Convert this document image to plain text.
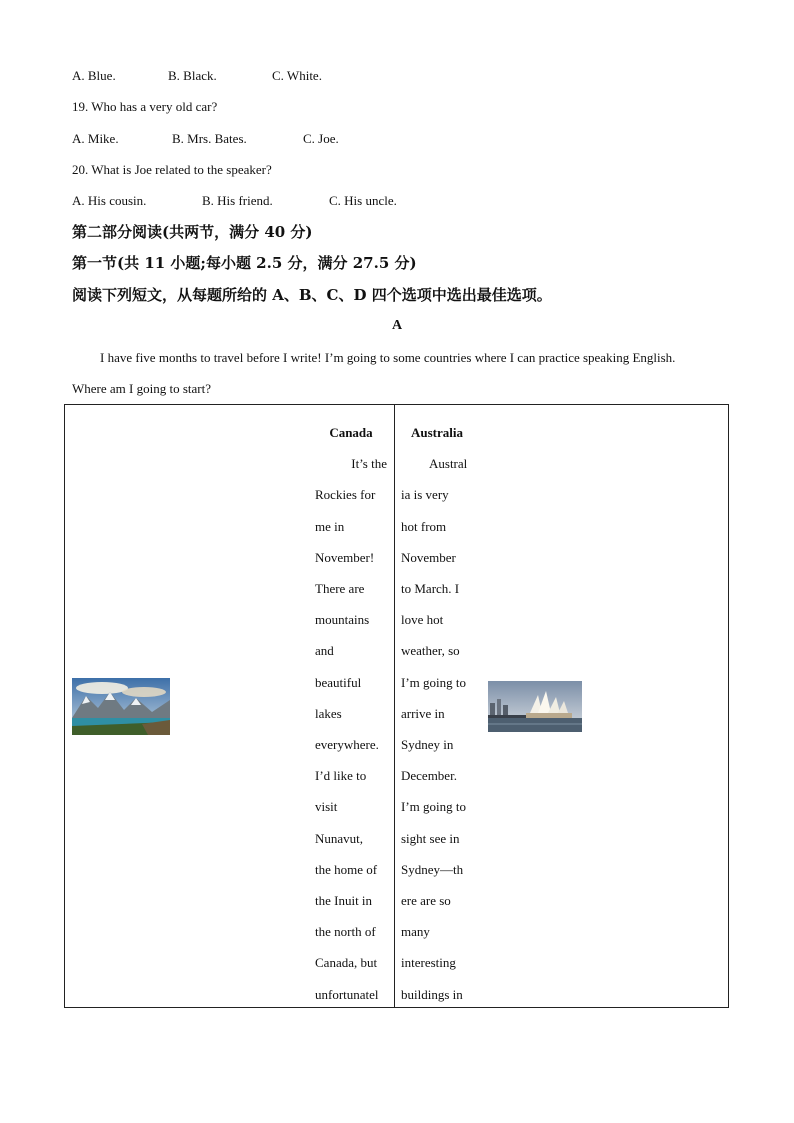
A. Blue.	B. Black.	C. White.
19. Who has a very old car?
A. Mike.	B. Mrs. Bates.	C. Joe.
20. What is Joe related to the speaker?
A. His cousin.	B. His friend.	C. His uncle.
第二部分阅读(共两节，满分 40 分)
第一节(共 11 小题;每小题 2.5 分，满分 27.5 分)
阅读下列短文，从每题所给的 A、B、C、D 四个选项中选出最佳选项。
A
I have five months to travel before I write! I’m going to some countries where I can practice speaking English.
Where am I going to start?
Canada
It’s the
Rockies for
me in
November!
There are
mountains
and
beautiful
lakes
everywhere.
I’d like to
visit
Nunavut,
the home of
the Inuit in
the north of
Canada, but
unfortunatel
Australia
Austral
ia is very
hot from
November
to March. I
love hot
weather, so
I’m going to
arrive in
Sydney in
December.
I’m going to
sight see in
Sydney—th
ere are so
many
interesting
buildings in
